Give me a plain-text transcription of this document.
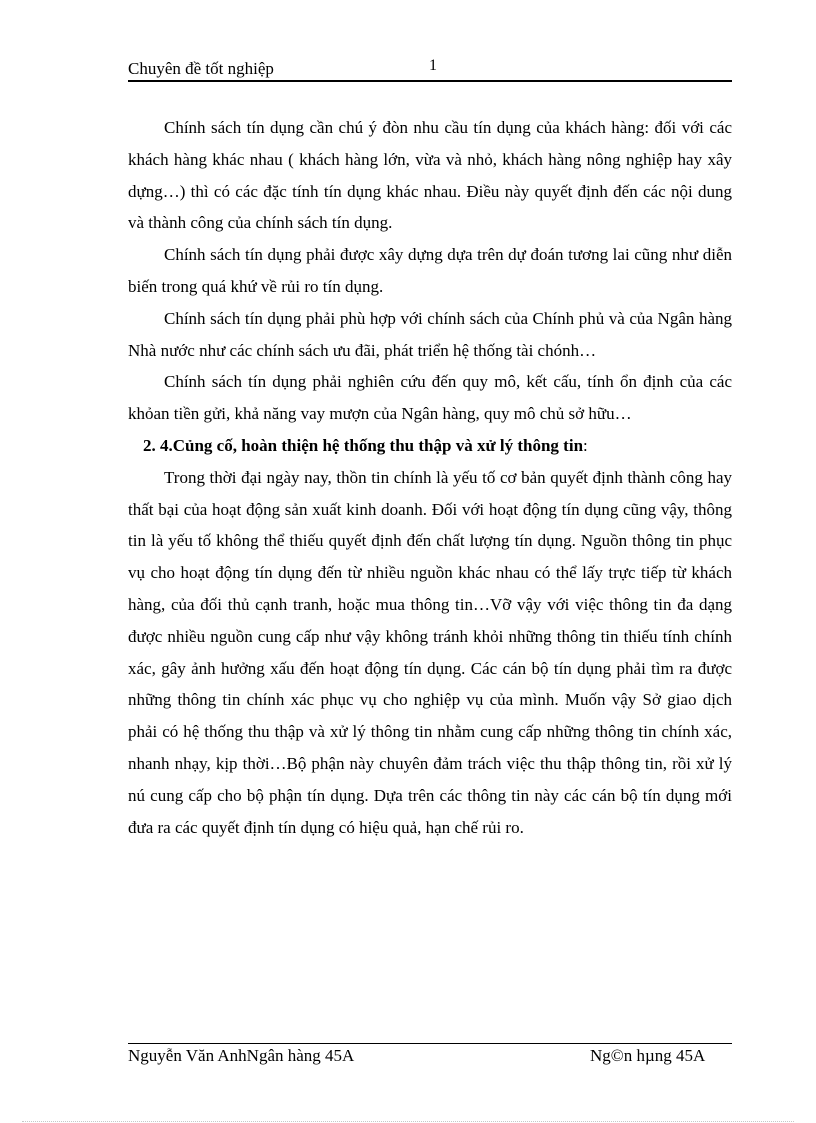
Chuyên đề tốt nghiệp	1

Chính sách tín dụng cần chú ý đòn nhu cầu tín dụng của khách hàng: đối với các khách hàng khác nhau ( khách hàng lớn, vừa và nhỏ, khách hàng nông nghiệp hay xây dựng…) thì có các đặc tính tín dụng khác nhau. Điều này quyết định đến các nội dung và thành công của chính sách tín dụng.

Chính sách tín dụng phải được xây dựng dựa trên dự đoán tương lai cũng như diễn biến trong quá khứ về rủi ro tín dụng.

Chính sách tín dụng phải phù hợp với chính sách của Chính phủ và của Ngân hàng Nhà nước như các chính sách ưu đãi, phát triển hệ thống tài chónh…

Chính sách tín dụng phải nghiên cứu đến quy mô, kết cấu, tính ổn định của các khỏan tiền gửi, khả năng vay mượn của Ngân hàng, quy mô chủ sở hữu…

2. 4.Củng cố, hoàn thiện hệ thống thu thập và xử lý thông tin:

Trong thời đại ngày nay, thồn tin chính là yếu tố cơ bản quyết định thành công hay thất bại của hoạt động sản xuất kinh doanh. Đối với hoạt động tín dụng cũng vậy, thông tin là yếu tố không thể thiếu quyết định đến chất lượng tín dụng. Nguồn thông tin phục vụ cho hoạt động tín dụng đến từ nhiều nguồn khác nhau có thể lấy trực tiếp từ khách hàng, của đối thủ cạnh tranh, hoặc mua thông tin…Vỡ vậy với việc thông tin đa dạng được nhiều nguồn cung cấp như vậy không tránh khỏi những thông tin thiếu tính chính xác, gây ảnh hưởng xấu đến hoạt động tín dụng. Các cán bộ tín dụng phải tìm ra được những thông tin chính xác phục vụ cho nghiệp vụ của mình. Muốn vậy Sở giao dịch phải có hệ thống thu thập và xử lý thông tin nhằm cung cấp những thông tin chính xác, nhanh nhạy, kịp thời…Bộ phận này chuyên đảm trách việc thu thập thông tin, rồi xử lý nú cung cấp cho bộ phận tín dụng. Dựa trên các thông tin này các cán bộ tín dụng mới đưa ra các quyết định tín dụng có hiệu quả, hạn chế rủi ro.

Nguyễn Văn AnhNgân hàng 45A	Ng©n hµng 45A
